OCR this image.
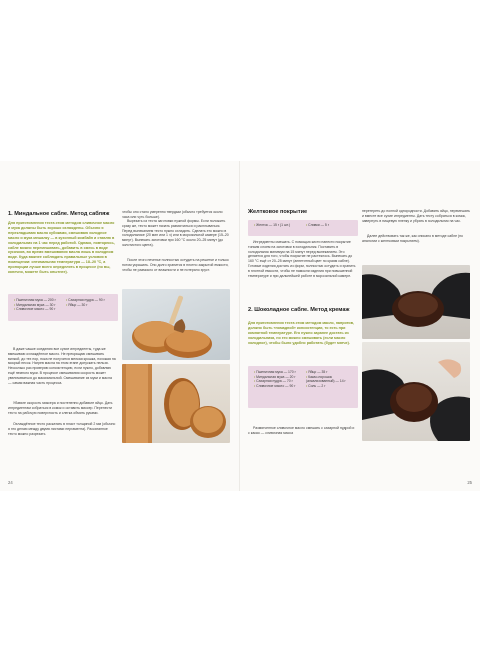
1. Миндальное сабле. Метод сабляж
Для приготовления теста этим методом сливочное масло и мука должны быть хорошо охлаждены. Обычно я перекладываю масло кубиками, смешиваю холодное масло и мука мешалку — в кухонный комбайн и ставлю в холодильник на 1 час перед работой. Однако, повторюсь, сабле можно перемешивать, добавить в смесь в виде кусочков, во время вмешивания масла лишь в холодном виде. Куда важнее соблюдать правильные условия в помещении: оптимальная температура — 18–20 °C, а пропорции лучше всего определять в процессе (но вы, конечно, можете быть опытнее).
• Пшеничная мука — 200 г
• Миндальная мука — 30 г
• Сливочное масло — 90 г
• Сахарная пудра — 90 г
• Яйцо — 30 г
В даже чашке соединяю все сухие ингредиенты, туда же вмешиваю охлаждённое масло. Не прекращаю смешивать вилкой, до тех пор, пока не получится мелкая крошка, похожая на мокрый песок. Нагрев масла на этом этапе допускать нельзя. Несколько раз проверяю консистенцию, если нужно, добавляю ещё немного муки. В процессе смешивания скорость может увеличиваться до максимальной. Смешивание из муки и масла — самая важная часть процесса.
Убавьте скорость миксера и постепенно добавьте яйцо. Дать ингредиентам собраться в комок и оставить миксер. Перенести тесто на рабочую поверхность и слегка обмять руками.
Охлаждённое тесто раскатать в пласт толщиной 2 мм (обычно я это делаю между двумя листами пергамента). Раскатанное тесто можно разрезать
чтобы оно стало умеренно твердым (обычно требуется около часа или чуть больше).
Вырезать из теста заготовки нужной формы. Если положить сразу же, тесто может начать размягчаться и расплываться. Перед выпеканием тесто нужно охладить. Сделать это можно в холодильнике (20 мин или 1 ч) или в морозильной камере (15–20 минут). Выпекать заготовки при 160 °C около 20–25 минут (до золотистого цвета).
После этого печенье полностью остудить на решетке и только потом украшать. Оно долго хранится в плотно закрытой емкости, чтобы не размокло от влажности и не потеряло хруст.
24
Желтковое покрытие
• Желток — 15 г (1 шт.)
•	Сливки — 5 г
Ингредиенты смешать. С помощью кисти нанести покрытие тонким слоем на заготовки в холодильник. Поставить в холодильник минимум на 15 минут перед выпеканием. Это делается для того, чтобы покрытие не растеклось. Выпекать до 160 °C ещё от 20–25 минут (аппетитный цвет по краям сабле). Готовые изделия достать из форм, полностью остудить и хранить в плотной емкости, чтобы не намокли изделия при повышенной температуре и при дальнейшей работе в морозильной камере.
2. Шоколадное сабле. Метод кремаж
Для приготовления теста этим методом масло, напротив, должно быть «помадной» консистенции, то есть при комнатной температуре. Его нужно заранее достать из холодильника, но его можно смешивать (если масло холодное), чтобы было удобно работать (будет мягче).
• Пшеничная мука — 170 г
• Миндальная мука — 20 г
• Сахарная пудра — 70 г
• Сливочное масло — 90 г
• Яйцо — 35 г
• Какао-порошок (алкализованный) — 14 г
• Соль — 2 г
Размягченное сливочное масло смешать с сахарной пудрой и с какао — сливочная масса
перетереть до полной однородности. Добавить яйцо, перемешать и вместе все сухие ингредиенты. Дать тесту собраться в комок, завернуть в пищевую пленку и убрать в холодильник на час.
Далее действовать так же, как описано в методе сабле (по аналогии с желтковым покрытием).
25
